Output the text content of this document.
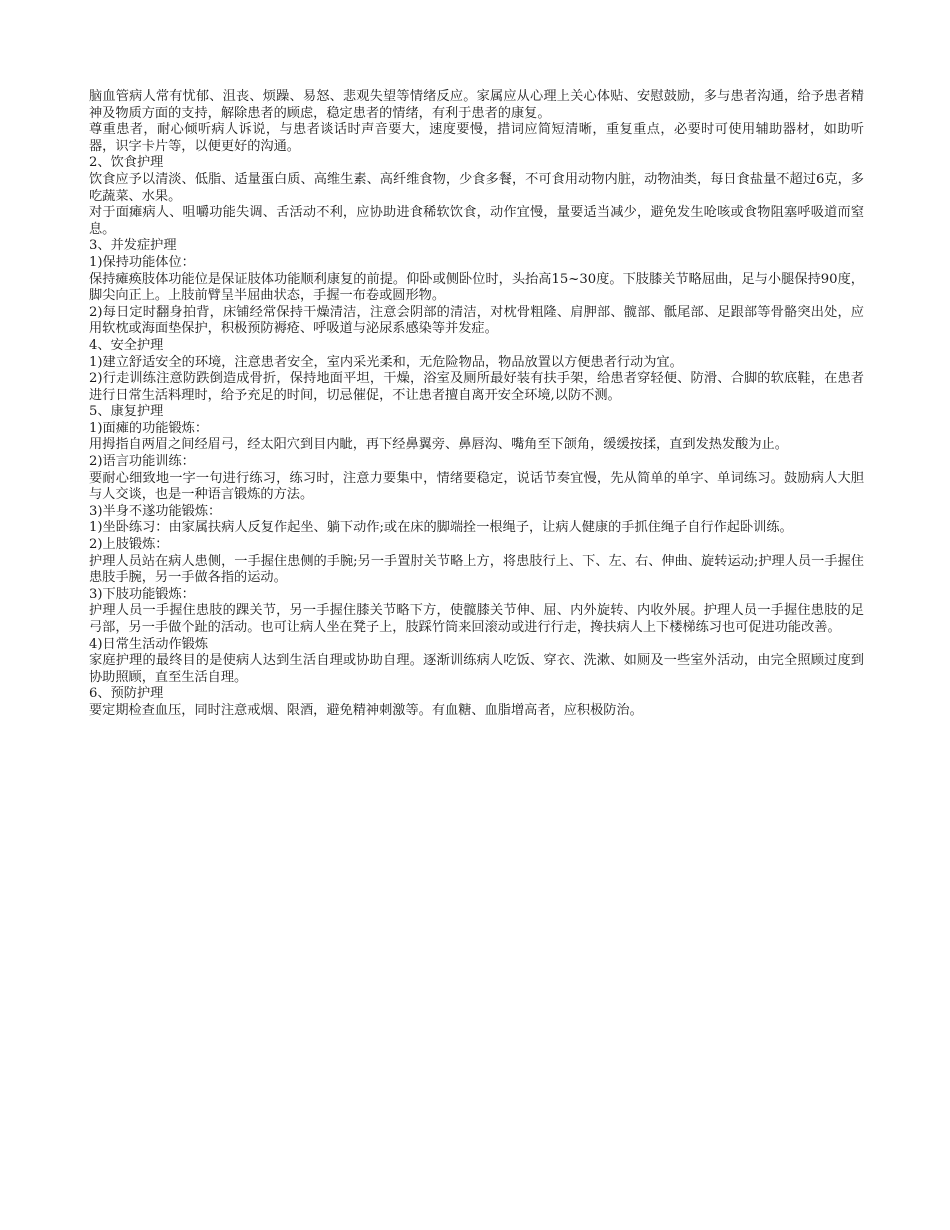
脑血管病人常有忧郁、沮丧、烦躁、易怒、悲观失望等情绪反应。家属应从心理上关心体贴、安慰鼓励，多与患者沟通，给予患者精神及物质方面的支持，解除患者的顾虑，稳定患者的情绪，有利于患者的康复。

尊重患者，耐心倾听病人诉说，与患者谈话时声音要大，速度要慢，措词应简短清晰，重复重点，必要时可使用辅助器材，如助听器，识字卡片等，以便更好的沟通。

2、饮食护理

饮食应予以清淡、低脂、适量蛋白质、高维生素、高纤维食物，少食多餐，不可食用动物内脏，动物油类，每日食盐量不超过6克，多吃蔬菜、水果。

对于面瘫病人、咀嚼功能失调、舌活动不利，应协助进食稀软饮食，动作宜慢，量要适当减少，避免发生呛咳或食物阻塞呼吸道而窒息。

3、并发症护理

1)保持功能体位：

保持瘫痪肢体功能位是保证肢体功能顺利康复的前提。仰卧或侧卧位时，头抬高15~30度。下肢膝关节略屈曲，足与小腿保持90度，脚尖向正上。上肢前臂呈半屈曲状态，手握一布卷或圆形物。

2)每日定时翻身拍背，床铺经常保持干燥清洁，注意会阴部的清洁，对枕骨粗隆、肩胛部、髋部、骶尾部、足跟部等骨骼突出处，应用软枕或海面垫保护，积极预防褥疮、呼吸道与泌尿系感染等并发症。

4、安全护理

1)建立舒适安全的环境，注意患者安全，室内采光柔和，无危险物品，物品放置以方便患者行动为宜。

2)行走训练注意防跌倒造成骨折，保持地面平坦，干燥，浴室及厕所最好装有扶手架，给患者穿轻便、防滑、合脚的软底鞋，在患者进行日常生活料理时，给予充足的时间，切忌催促，不让患者擅自离开安全环境,以防不测。

5、康复护理

1)面瘫的功能锻炼：

用拇指自两眉之间经眉弓，经太阳穴到目内眦，再下经鼻翼旁、鼻唇沟、嘴角至下颌角，缓缓按揉，直到发热发酸为止。

2)语言功能训练：

要耐心细致地一字一句进行练习，练习时，注意力要集中，情绪要稳定，说话节奏宜慢，先从简单的单字、单词练习。鼓励病人大胆与人交谈，也是一种语言锻炼的方法。

3)半身不遂功能锻炼：

1)坐卧练习：由家属扶病人反复作起坐、躺下动作;或在床的脚端拴一根绳子，让病人健康的手抓住绳子自行作起卧训练。

2)上肢锻炼：

护理人员站在病人患侧，一手握住患侧的手腕;另一手置肘关节略上方，将患肢行上、下、左、右、伸曲、旋转运动;护理人员一手握住患肢手腕，另一手做各指的运动。

3)下肢功能锻炼：

护理人员一手握住患肢的踝关节，另一手握住膝关节略下方，使髋膝关节伸、屈、内外旋转、内收外展。护理人员一手握住患肢的足弓部，另一手做个趾的活动。也可让病人坐在凳子上，肢踩竹筒来回滚动或进行行走，搀扶病人上下楼梯练习也可促进功能改善。

4)日常生活动作锻炼

家庭护理的最终目的是使病人达到生活自理或协助自理。逐渐训练病人吃饭、穿衣、洗漱、如厕及一些室外活动，由完全照顾过度到协助照顾，直至生活自理。

6、预防护理

要定期检查血压，同时注意戒烟、限酒，避免精神刺激等。有血糖、血脂增高者，应积极防治。
